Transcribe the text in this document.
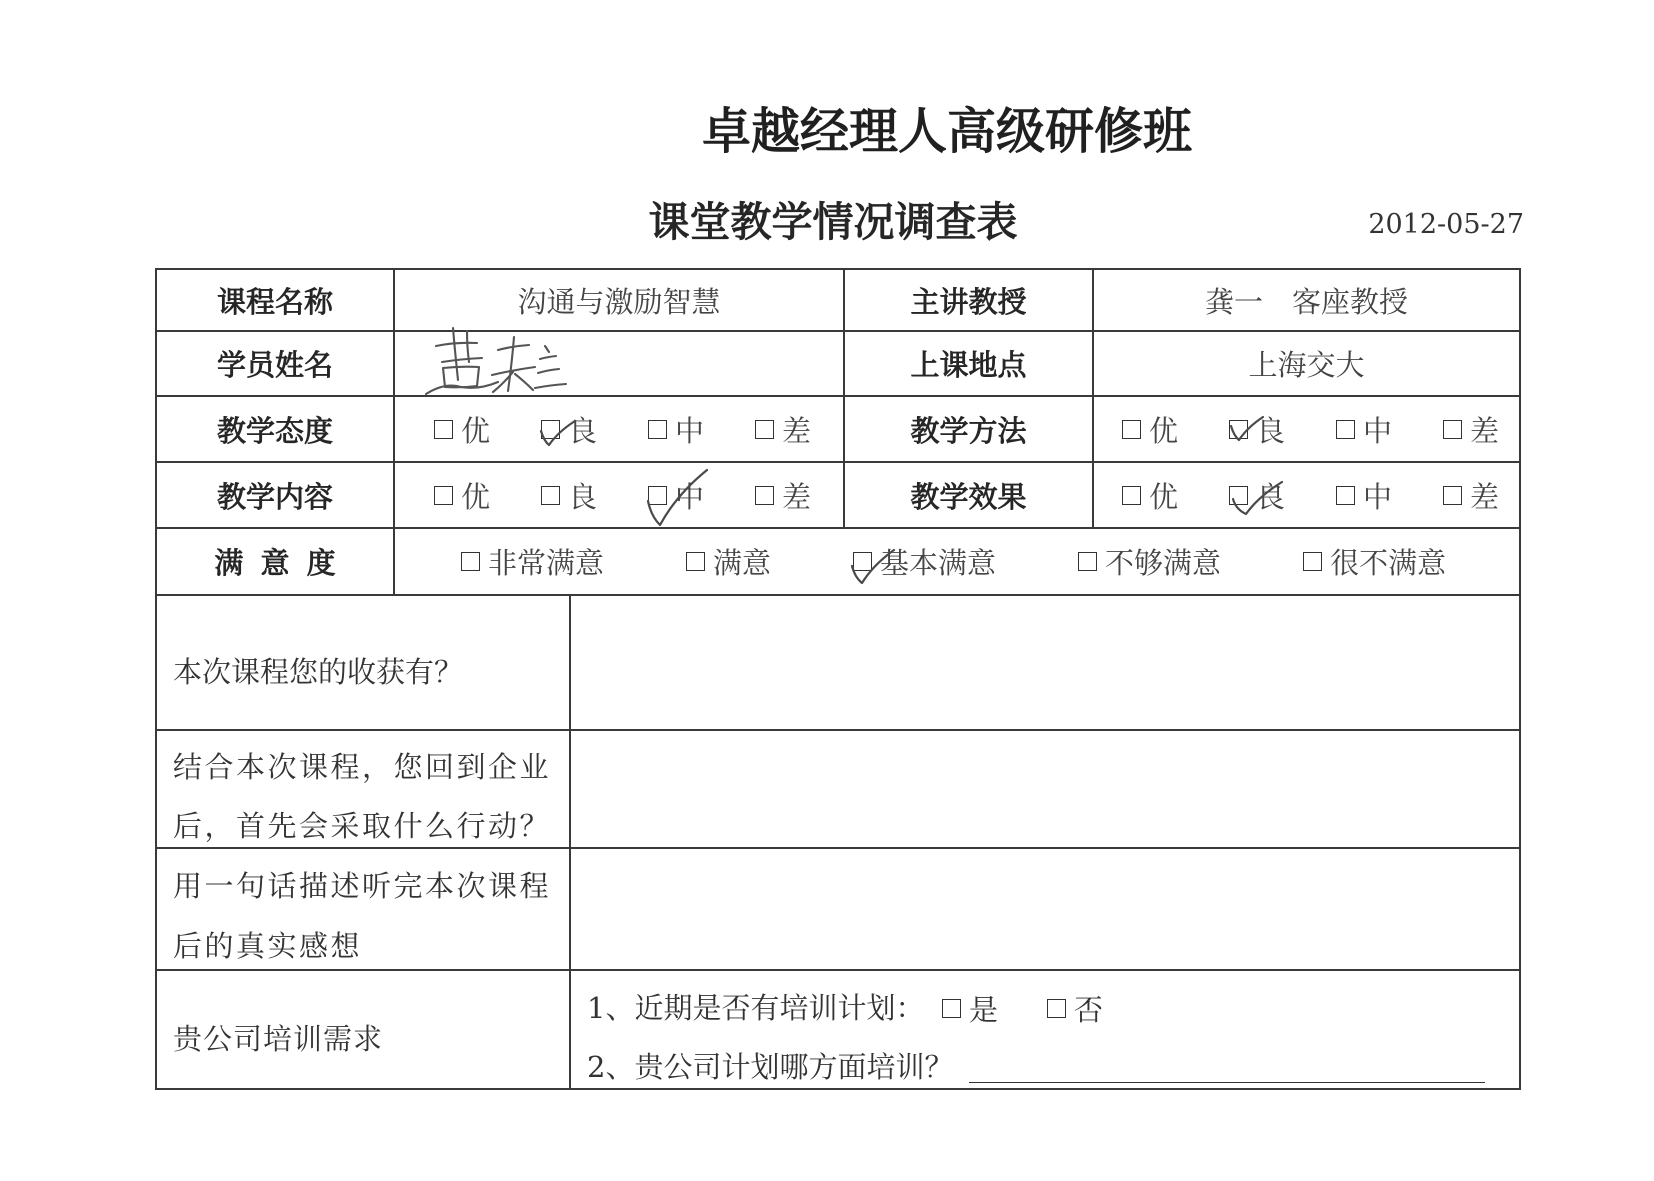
卓越经理人高级研修班
课堂教学情况调查表	2012-05-27
课程名称	沟通与激励智慧		主讲教授	龚一　客座教授

学员姓名			上课地点	上海交大

教学态度	优 良 中 差		教学方法	优 良 中 差

教学内容	优 良 中 差		教学效果	优 良 中 差

满 意 度	非常满意 满意 基本满意 不够满意 很不满意			

本次课程您的收获有？				

结合本次课程，您回到企业
后，首先会采取什么行动？				

用一句话描述听完本次课程
后的真实感想				

贵公司培训需求		1、近期是否有培训计划： 是 否
2、贵公司计划哪方面培训？		
